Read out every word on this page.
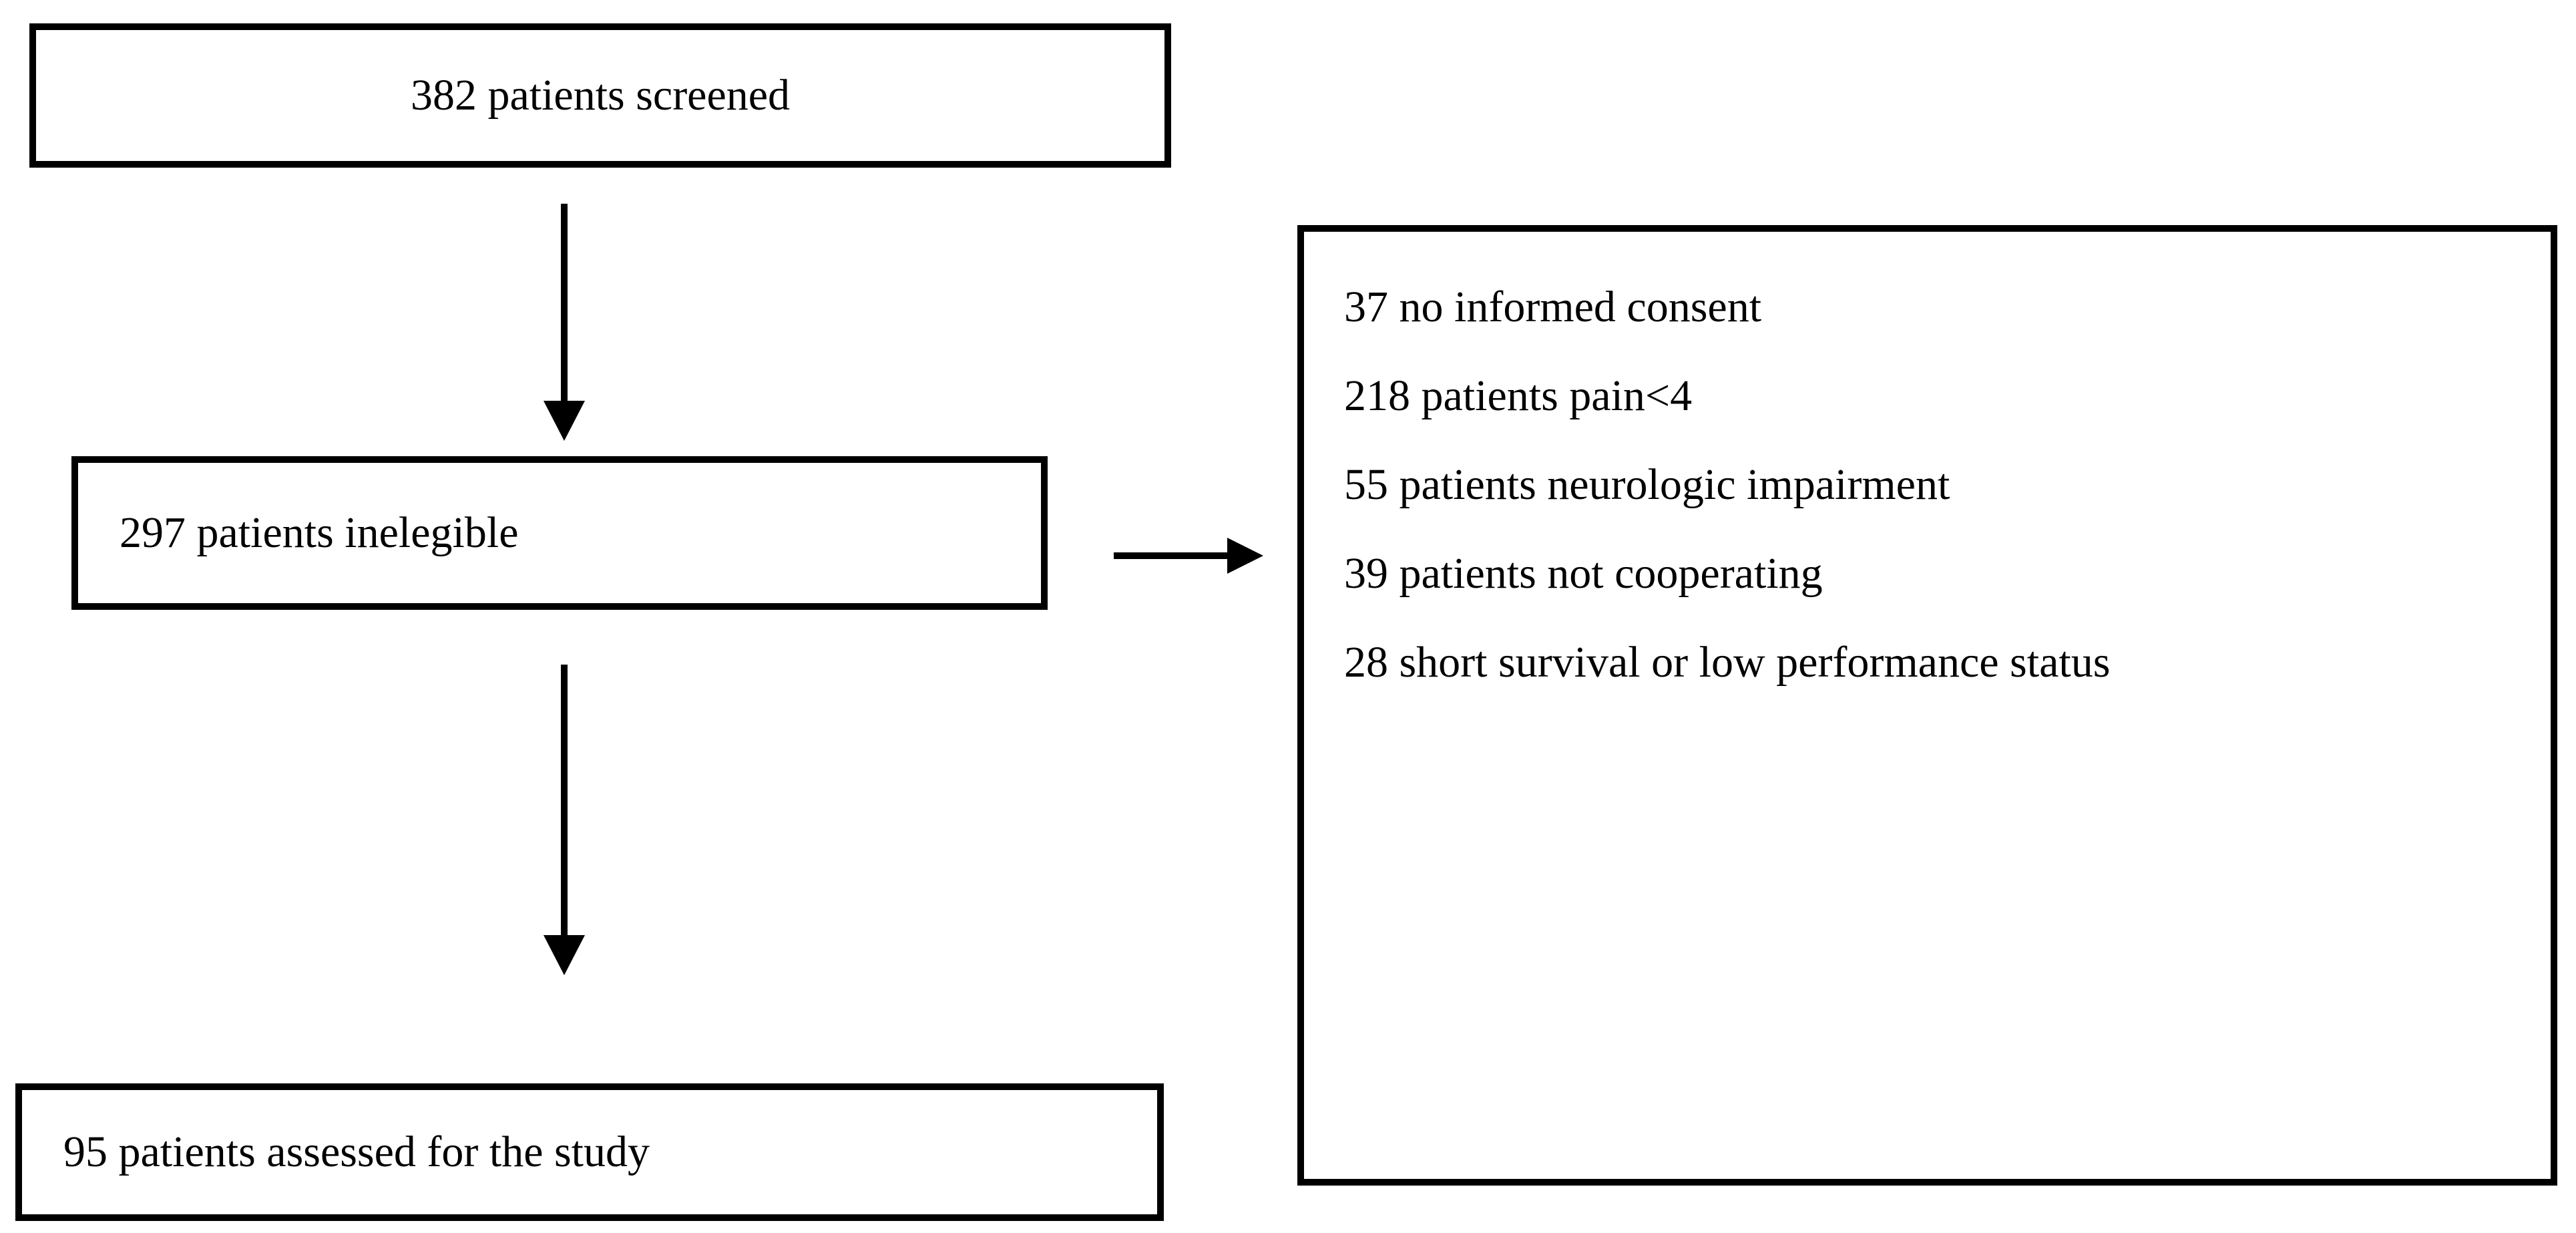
382 patients screened
297 patients inelegible
37 no informed consent
218 patients pain<4
55 patients neurologic impairment
39 patients not cooperating
28 short survival or low performance status
95 patients assessed for the study
